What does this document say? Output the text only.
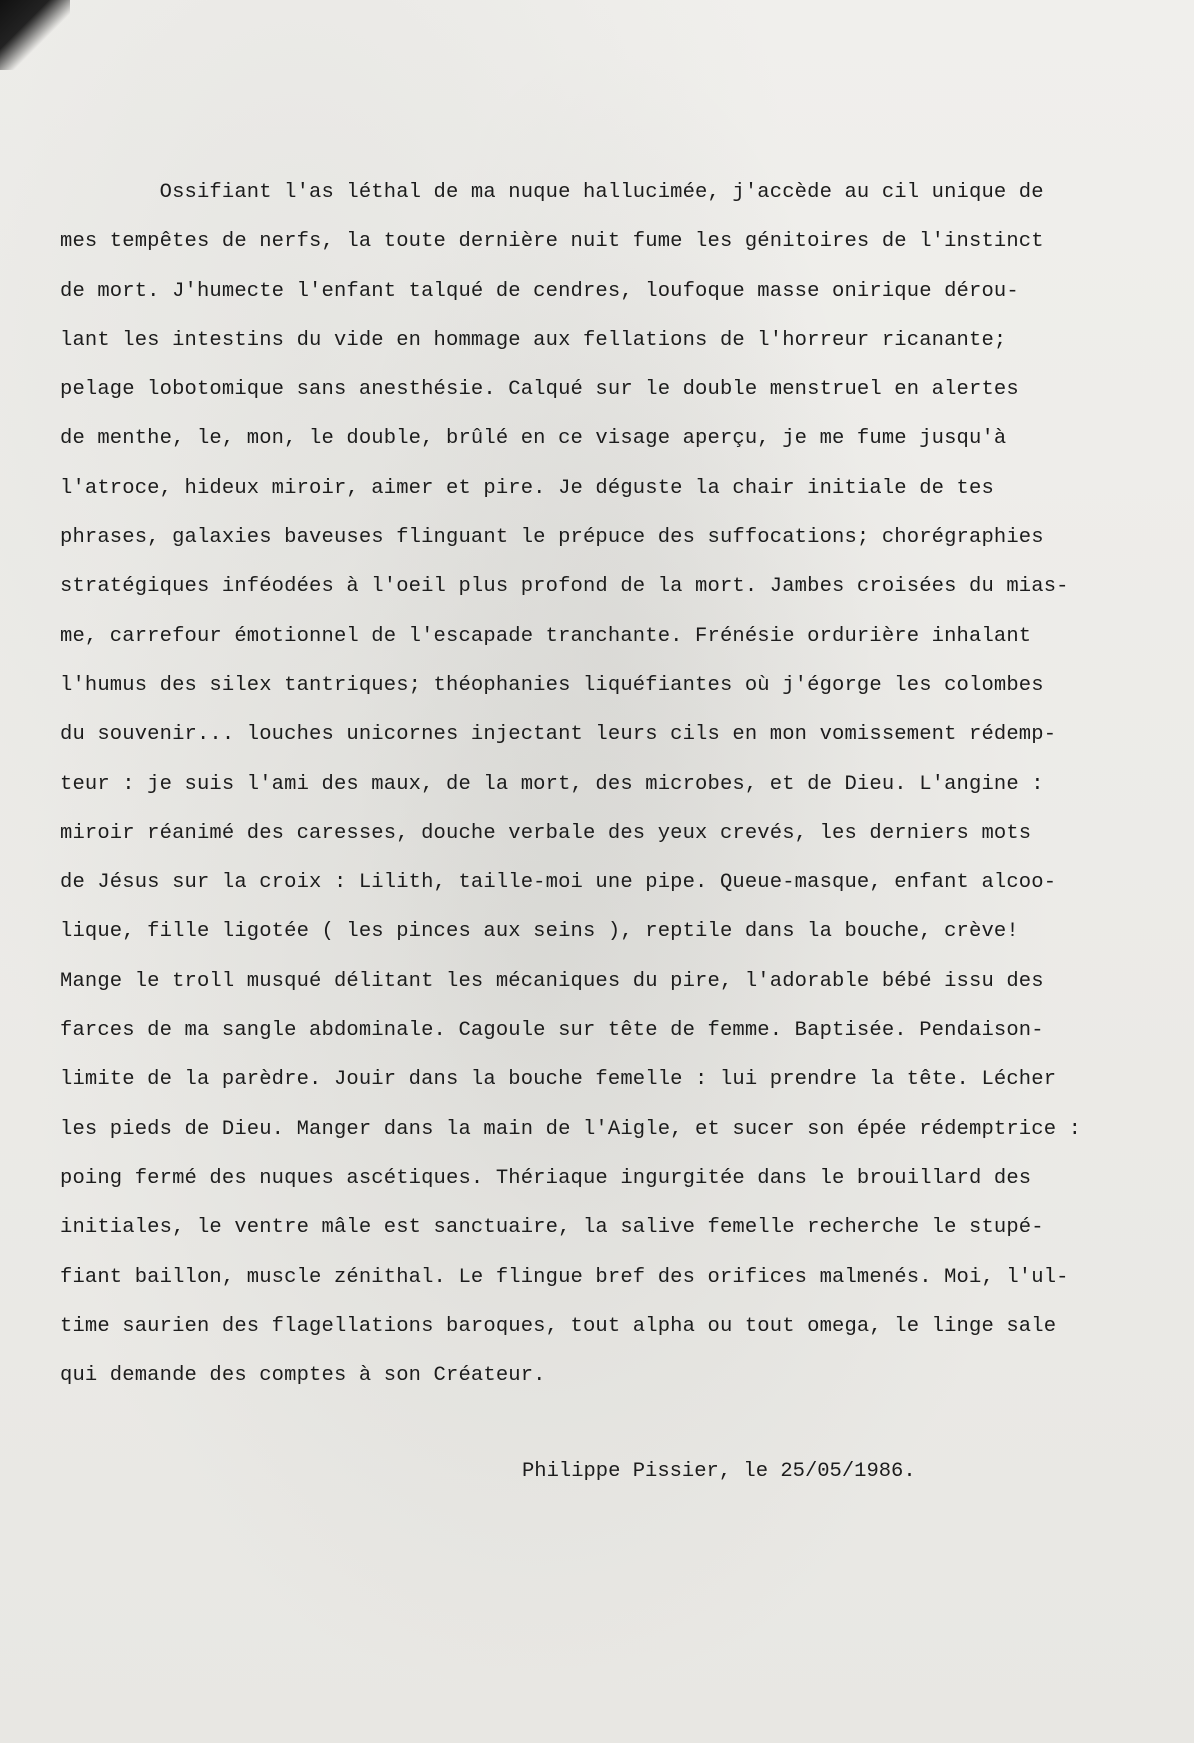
Ossifiant l'as léthal de ma nuque hallucimée, j'accède au cil unique de
mes tempêtes de nerfs, la toute dernière nuit fume les génitoires de l'instinct
de mort. J'humecte l'enfant talqué de cendres, loufoque masse onirique dérou-
lant les intestins du vide en hommage aux fellations de l'horreur ricanante;
pelage lobotomique sans anesthésie. Calqué sur le double menstruel en alertes
de menthe, le, mon, le double, brûlé en ce visage aperçu, je me fume jusqu'à
l'atroce, hideux miroir, aimer et pire. Je déguste la chair initiale de tes
phrases, galaxies baveuses flinguant le prépuce des suffocations; chorégraphies
stratégiques inféodées à l'oeil plus profond de la mort. Jambes croisées du mias-
me, carrefour émotionnel de l'escapade tranchante. Frénésie ordurière inhalant
l'humus des silex tantriques; théophanies liquéfiantes où j'égorge les colombes
du souvenir... louches unicornes injectant leurs cils en mon vomissement rédemp-
teur : je suis l'ami des maux, de la mort, des microbes, et de Dieu. L'angine :
miroir réanimé des caresses, douche verbale des yeux crevés, les derniers mots
de Jésus sur la croix : Lilith, taille-moi une pipe. Queue-masque, enfant alcoo-
lique, fille ligotée ( les pinces aux seins ), reptile dans la bouche, crève!
Mange le troll musqué délitant les mécaniques du pire, l'adorable bébé issu des
farces de ma sangle abdominale. Cagoule sur tête de femme. Baptisée. Pendaison-
limite de la parèdre. Jouir dans la bouche femelle : lui prendre la tête. Lécher
les pieds de Dieu. Manger dans la main de l'Aigle, et sucer son épée rédemptrice :
poing fermé des nuques ascétiques. Thériaque ingurgitée dans le brouillard des
initiales, le ventre mâle est sanctuaire, la salive femelle recherche le stupé-
fiant baillon, muscle zénithal. Le flingue bref des orifices malmenés. Moi, l'ul-
time saurien des flagellations baroques, tout alpha ou tout omega, le linge sale
qui demande des comptes à son Créateur.
Philippe Pissier, le 25/05/1986.
